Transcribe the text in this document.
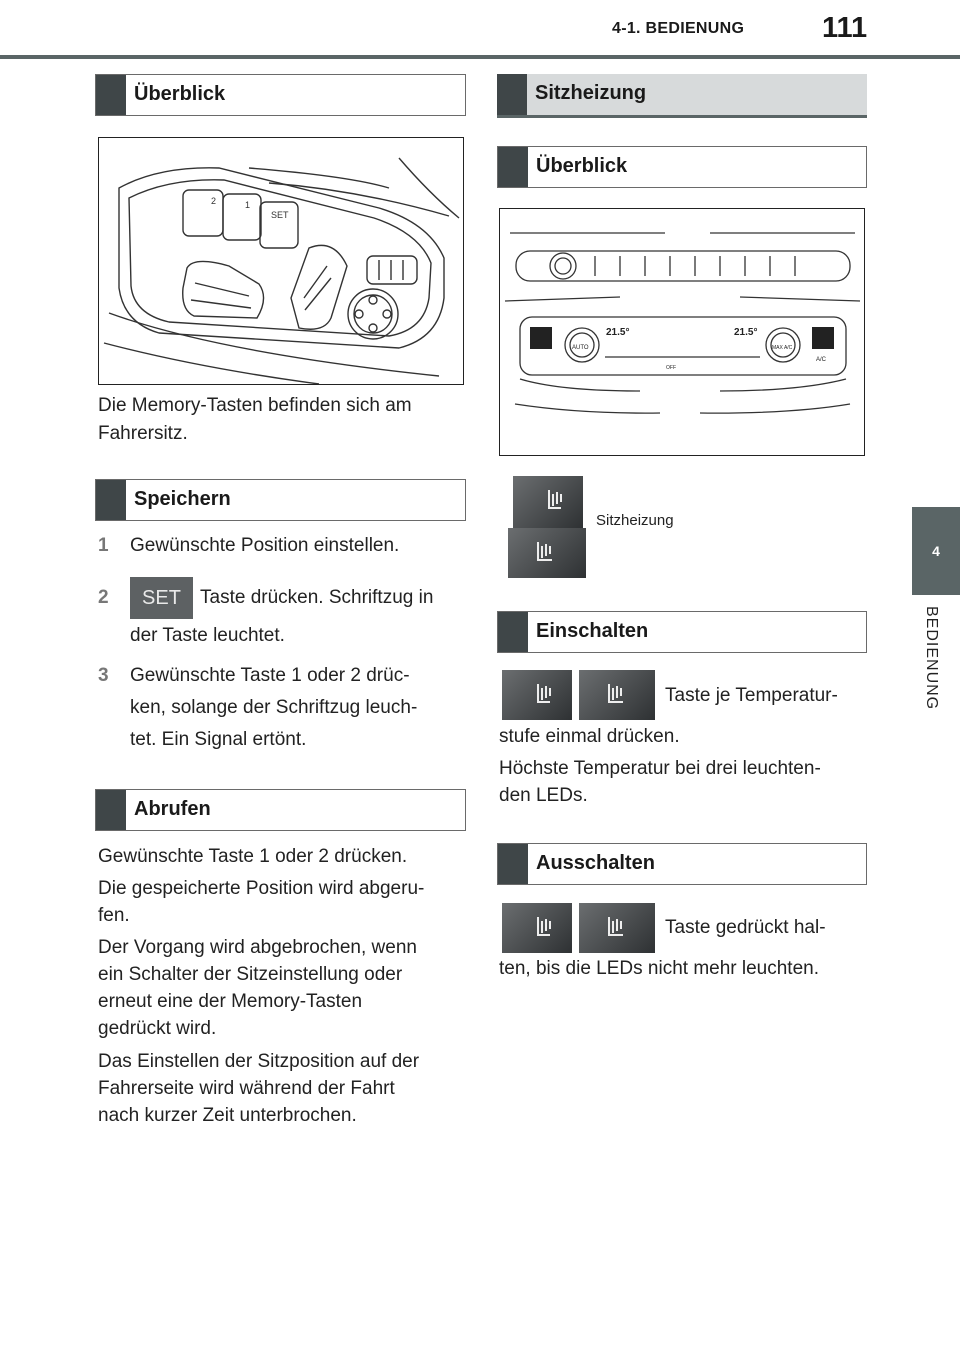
4-1. BEDIENUNG	111
4
BEDIENUNG
Überblick
2	1
SET
Die Memory-Tasten befinden sich am
Fahrersitz.
Speichern
1 Gewünschte Position einstellen.
2	SET	Taste drücken. Schriftzug in
der Taste leuchtet.
3 Gewünschte Taste 1 oder 2 drüc-
ken, solange der Schriftzug leuch-
tet. Ein Signal ertönt.
Abrufen
Gewünschte Taste 1 oder 2 drücken.
Die gespeicherte Position wird abgeru-
fen.
Der Vorgang wird abgebrochen, wenn
ein Schalter der Sitzeinstellung oder
erneut eine der Memory-Tasten
gedrückt wird.
Das Einstellen der Sitzposition auf der
Fahrerseite wird während der Fahrt
nach kurzer Zeit unterbrochen.
Sitzheizung
Überblick
21.5°	21.5°
AUTO
OFF
MAX A/C
A/C
Sitzheizung
Einschalten
Taste je Temperatur-
stufe einmal drücken.
Höchste Temperatur bei drei leuchten-
den LEDs.
Ausschalten
Taste gedrückt hal-
ten, bis die LEDs nicht mehr leuchten.
